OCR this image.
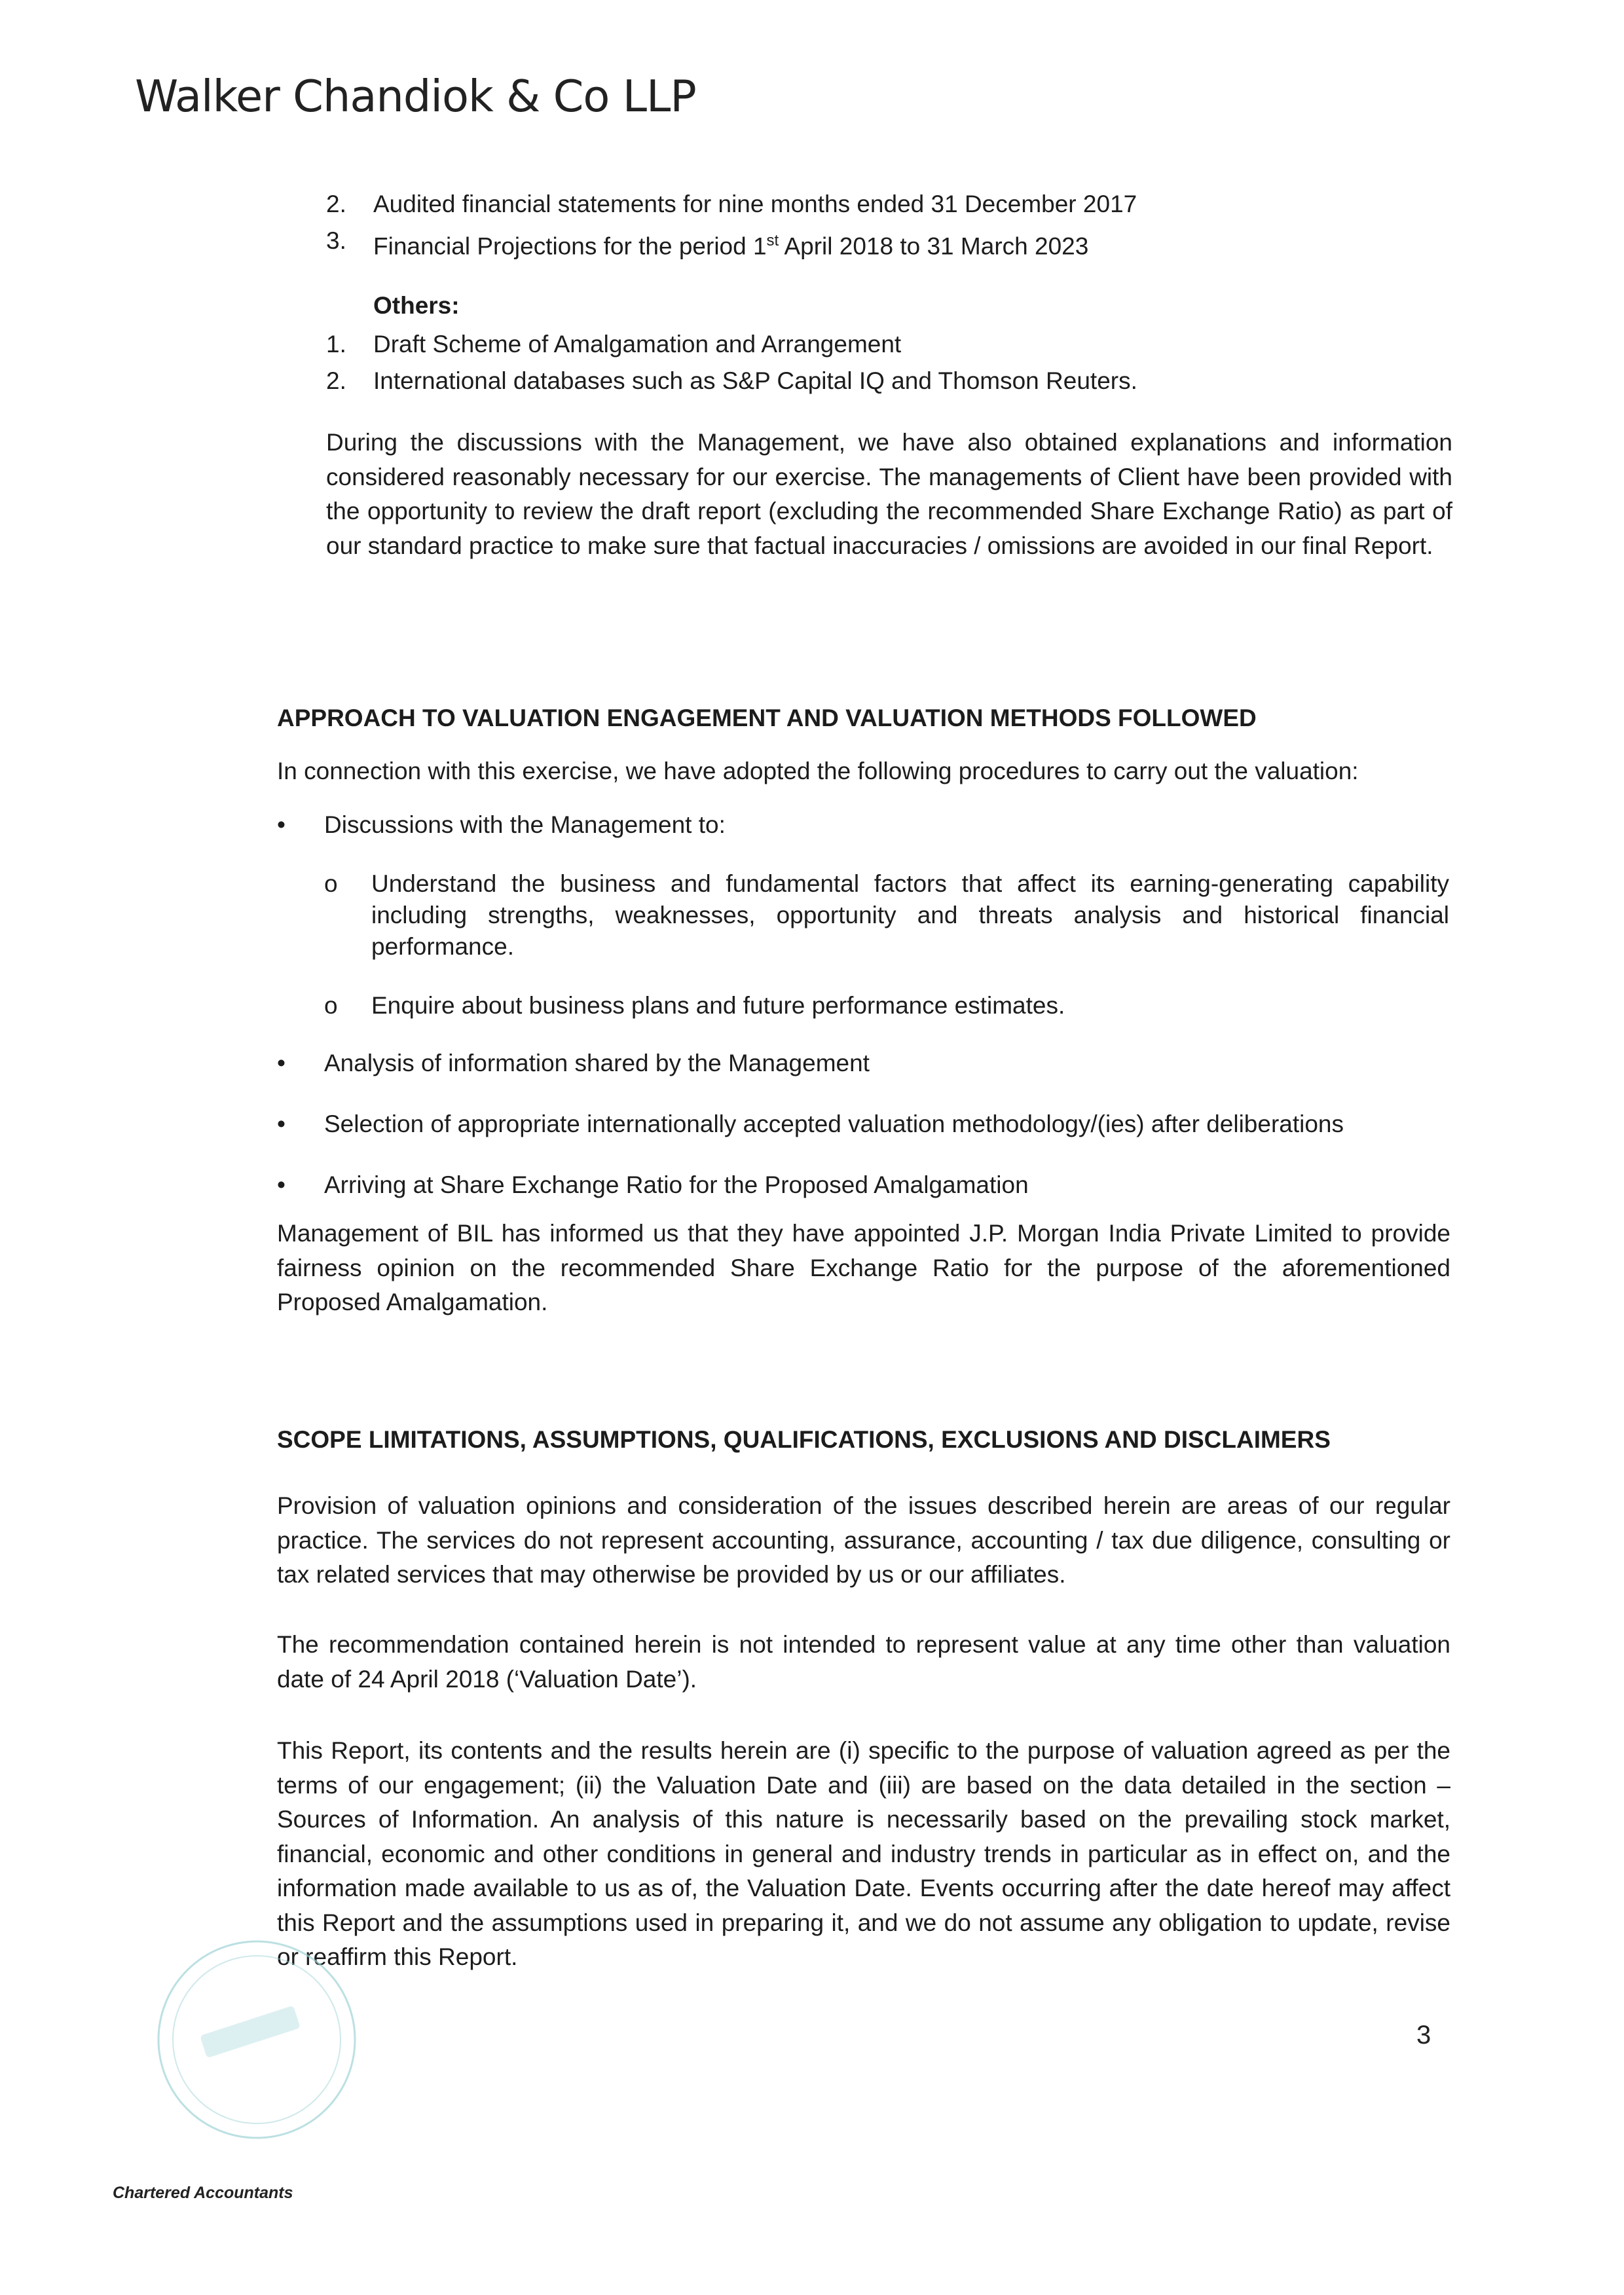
Walker Chandiok & Co LLP
2. Audited financial statements for nine months ended 31 December 2017
3. Financial Projections for the period 1st April 2018 to 31 March 2023
Others:
1. Draft Scheme of Amalgamation and Arrangement
2. International databases such as S&P Capital IQ and Thomson Reuters.

During the discussions with the Management, we have also obtained explanations and information considered reasonably necessary for our exercise. The managements of Client have been provided with the opportunity to review the draft report (excluding the recommended Share Exchange Ratio) as part of our standard practice to make sure that factual inaccuracies / omissions are avoided in our final Report.

APPROACH TO VALUATION ENGAGEMENT AND VALUATION METHODS FOLLOWED

In connection with this exercise, we have adopted the following procedures to carry out the valuation:

• Discussions with the Management to:
o Understand the business and fundamental factors that affect its earning-generating capability including strengths, weaknesses, opportunity and threats analysis and historical financial performance.
o Enquire about business plans and future performance estimates.
• Analysis of information shared by the Management
• Selection of appropriate internationally accepted valuation methodology/(ies) after deliberations
• Arriving at Share Exchange Ratio for the Proposed Amalgamation

Management of BIL has informed us that they have appointed J.P. Morgan India Private Limited to provide fairness opinion on the recommended Share Exchange Ratio for the purpose of the aforementioned Proposed Amalgamation.

SCOPE LIMITATIONS, ASSUMPTIONS, QUALIFICATIONS, EXCLUSIONS AND DISCLAIMERS

Provision of valuation opinions and consideration of the issues described herein are areas of our regular practice. The services do not represent accounting, assurance, accounting / tax due diligence, consulting or tax related services that may otherwise be provided by us or our affiliates.

The recommendation contained herein is not intended to represent value at any time other than valuation date of 24 April 2018 (‘Valuation Date’).

This Report, its contents and the results herein are (i) specific to the purpose of valuation agreed as per the terms of our engagement; (ii) the Valuation Date and (iii) are based on the data detailed in the section – Sources of Information. An analysis of this nature is necessarily based on the prevailing stock market, financial, economic and other conditions in general and industry trends in particular as in effect on, and the information made available to us as of, the Valuation Date. Events occurring after the date hereof may affect this Report and the assumptions used in preparing it, and we do not assume any obligation to update, revise or reaffirm this Report.

3
Chartered Accountants
